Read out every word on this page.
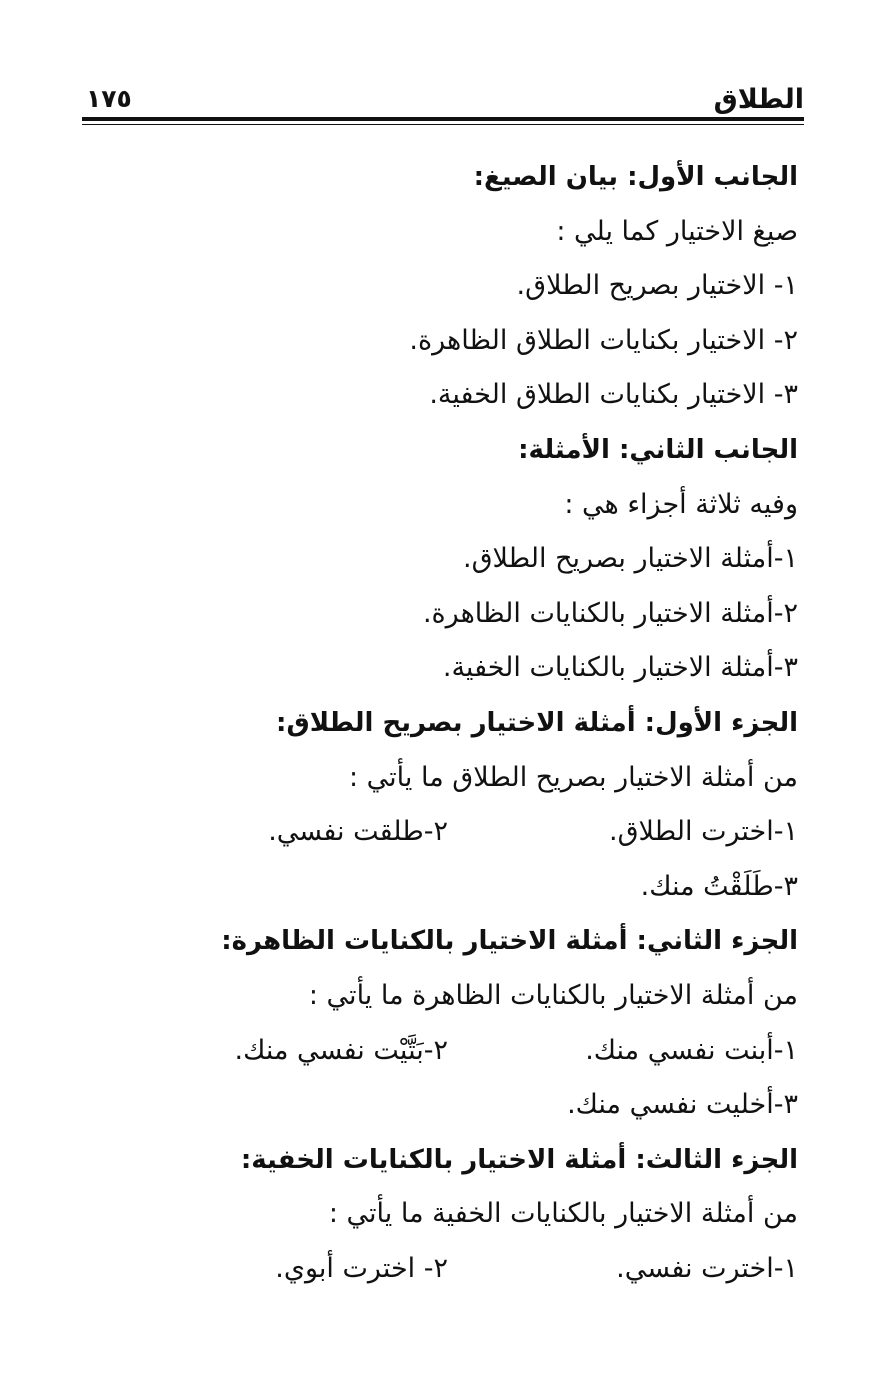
الطلاق
١٧٥
الجانب الأول: بيان الصيغ:
صيغ الاختيار كما يلي :
١- الاختيار بصريح الطلاق.
٢- الاختيار بكنايات الطلاق الظاهرة.
٣- الاختيار بكنايات الطلاق الخفية.
الجانب الثاني: الأمثلة:
وفيه ثلاثة أجزاء هي :
١-أمثلة الاختيار بصريح الطلاق.
٢-أمثلة الاختيار بالكنايات الظاهرة.
٣-أمثلة الاختيار بالكنايات الخفية.
الجزء الأول: أمثلة الاختيار بصريح الطلاق:
من أمثلة الاختيار بصريح الطلاق ما يأتي :
١-اخترت الطلاق.
٢-طلقت نفسي.
٣-طَلَقْتُ منك.
الجزء الثاني: أمثلة الاختيار بالكنايات الظاهرة:
من أمثلة الاختيار بالكنايات الظاهرة ما يأتي :
١-أبنت نفسي منك.
٢-بَتَّيْت نفسي منك.
٣-أخليت نفسي منك.
الجزء الثالث: أمثلة الاختيار بالكنايات الخفية:
من أمثلة الاختيار بالكنايات الخفية ما يأتي :
١-اخترت نفسي.
٢- اخترت أبوي.
